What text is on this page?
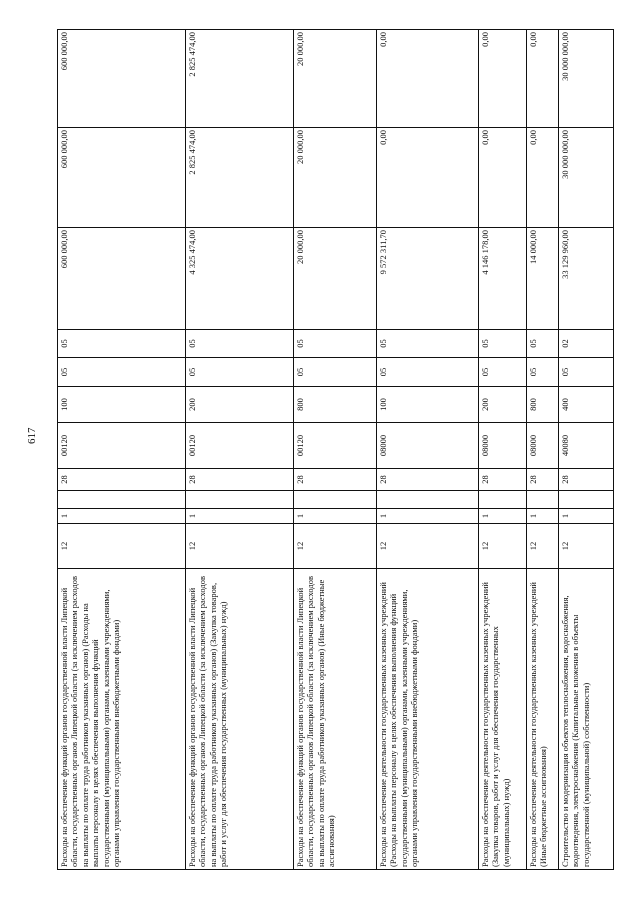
617
Расходы на обеспечение функций органов государственной власти Липецкой области, государственных органов Липецкой области (за исключением расходов на выплаты по оплате труда работников указанных органов) (Расходы на выплаты персоналу в целях обеспечения выполнения функций государственными (муниципальными) органами, казенными учреждениями, органами управления государственными внебюджетными фондами)	12	1		28	00120	100	05	05	600 000,00	600 000,00	600 000,00
Расходы на обеспечение функций органов государственной власти Липецкой области, государственных органов Липецкой области (за исключением расходов на выплаты по оплате труда работников указанных органов) (Закупка товаров, работ и услуг для обеспечения государственных (муниципальных) нужд)	12	1		28	00120	200	05	05	4 325 474,00	2 825 474,00	2 825 474,00
Расходы на обеспечение функций органов государственной власти Липецкой области, государственных органов Липецкой области (за исключением расходов на выплаты по оплате труда работников указанных органов) (Иные бюджетные ассигнования)	12	1		28	00120	800	05	05	20 000,00	20 000,00	20 000,00
Расходы на обеспечение деятельности государственных казенных учреждений (Расходы на выплаты персоналу в целях обеспечения выполнения функций государственными (муниципальными) органами, казенными учреждениями, органами управления государственными внебюджетными фондами)	12	1		28	08000	100	05	05	9 572 311,70	0,00	0,00
Расходы на обеспечение деятельности государственных казенных учреждений (Закупка товаров, работ и услуг для обеспечения государственных (муниципальных) нужд)	12	1		28	08000	200	05	05	4 146 178,00	0,00	0,00
Расходы на обеспечение деятельности государственных казенных учреждений (Иные бюджетные ассигнования)	12	1		28	08000	800	05	05	14 000,00	0,00	0,00
Строительство и модернизация объектов теплоснабжения, водоснабжения, водоотведения, электроснабжения (Капитальные вложения в объекты государственной (муниципальной) собственности)	12	1		28	40080	400	05	02	33 129 960,00	30 000 000,00	30 000 000,00
